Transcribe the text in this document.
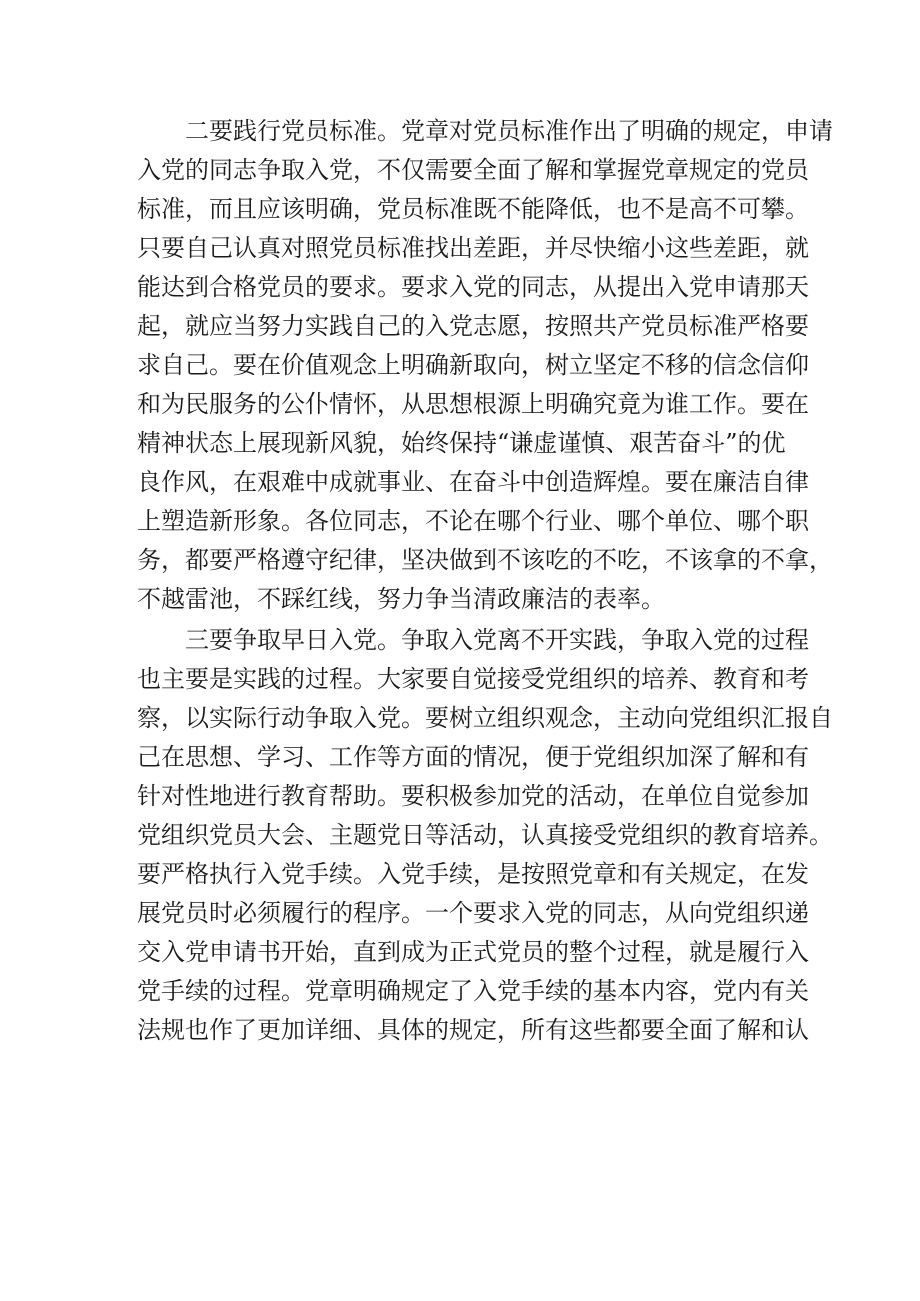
二要践行党员标准。党章对党员标准作出了明确的规定，申请
入党的同志争取入党，不仅需要全面了解和掌握党章规定的党员
标准，而且应该明确，党员标准既不能降低，也不是高不可攀。
只要自己认真对照党员标准找出差距，并尽快缩小这些差距，就
能达到合格党员的要求。要求入党的同志，从提出入党申请那天
起，就应当努力实践自己的入党志愿，按照共产党员标准严格要
求自己。要在价值观念上明确新取向，树立坚定不移的信念信仰
和为民服务的公仆情怀，从思想根源上明确究竟为谁工作。要在
精神状态上展现新风貌，始终保持“谦虚谨慎、艰苦奋斗”的优
良作风，在艰难中成就事业、在奋斗中创造辉煌。要在廉洁自律
上塑造新形象。各位同志，不论在哪个行业、哪个单位、哪个职
务，都要严格遵守纪律，坚决做到不该吃的不吃，不该拿的不拿，
不越雷池，不踩红线，努力争当清政廉洁的表率。
三要争取早日入党。争取入党离不开实践，争取入党的过程
也主要是实践的过程。大家要自觉接受党组织的培养、教育和考
察，以实际行动争取入党。要树立组织观念，主动向党组织汇报自
己在思想、学习、工作等方面的情况，便于党组织加深了解和有
针对性地进行教育帮助。要积极参加党的活动，在单位自觉参加
党组织党员大会、主题党日等活动，认真接受党组织的教育培养。
要严格执行入党手续。入党手续，是按照党章和有关规定，在发
展党员时必须履行的程序。一个要求入党的同志，从向党组织递
交入党申请书开始，直到成为正式党员的整个过程，就是履行入
党手续的过程。党章明确规定了入党手续的基本内容，党内有关
法规也作了更加详细、具体的规定，所有这些都要全面了解和认
